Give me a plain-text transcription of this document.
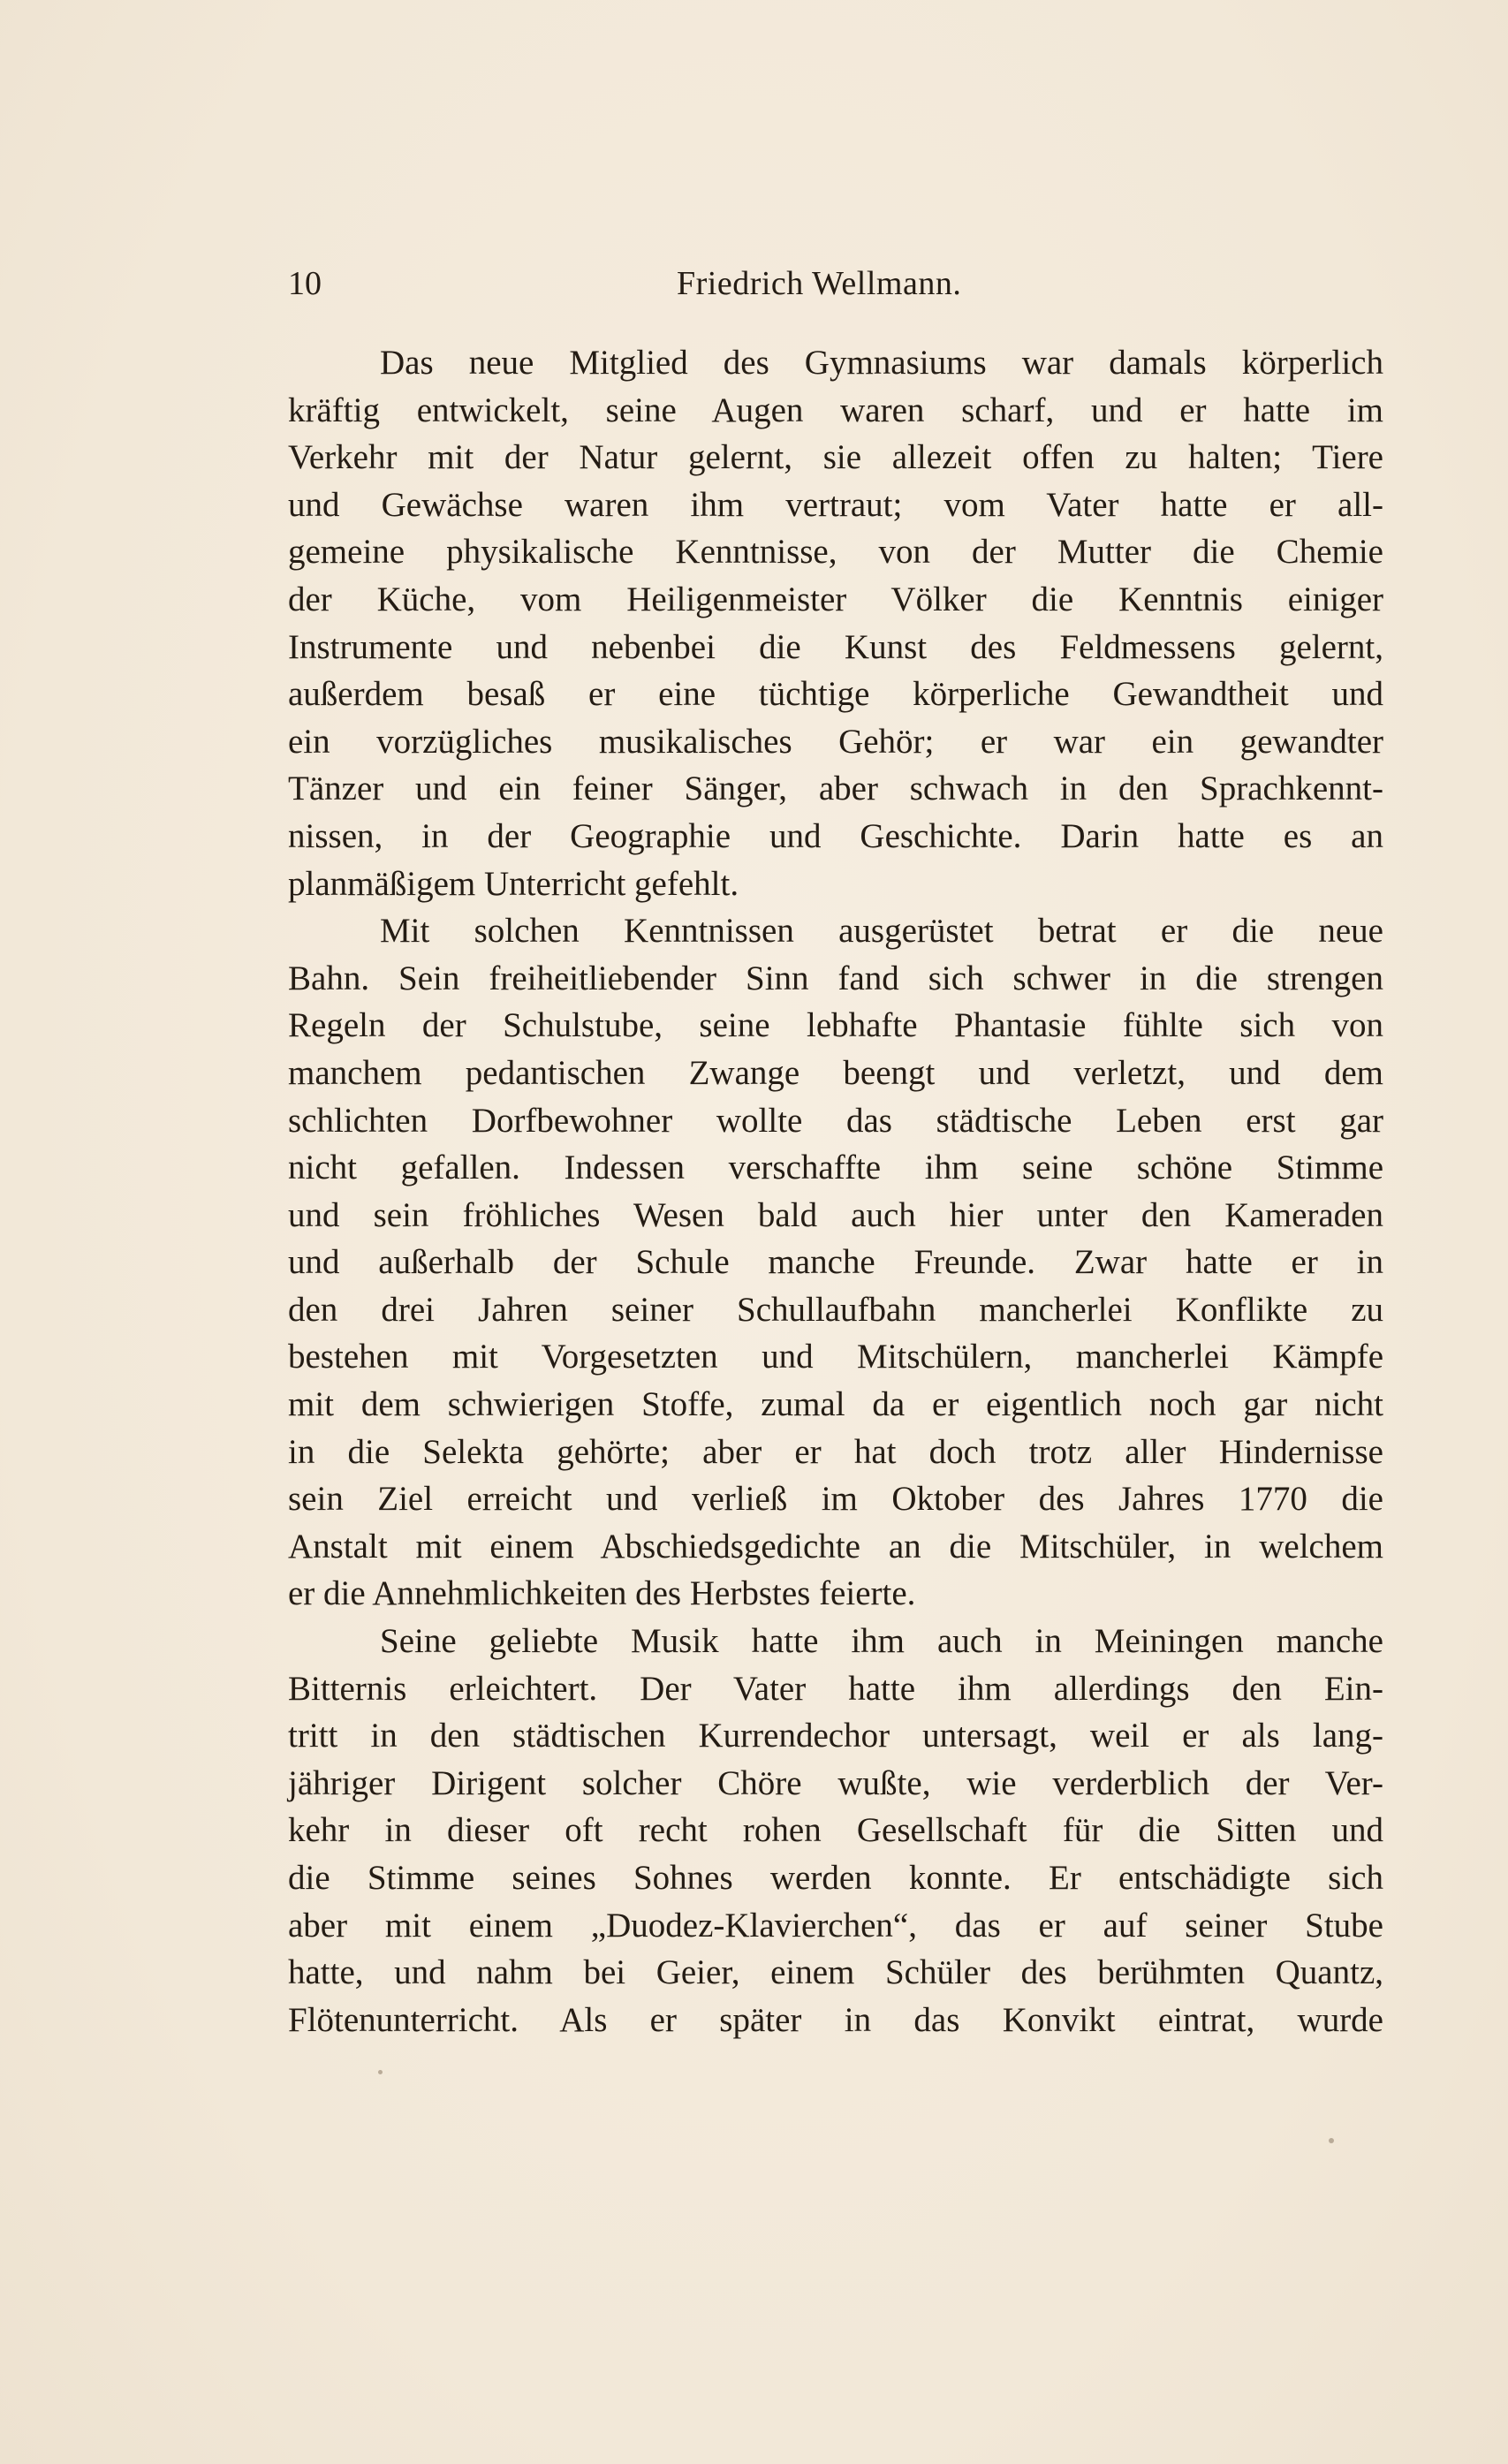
10	Friedrich Wellmann.
Das neue Mitglied des Gymnasiums war damals körperlich
kräftig entwickelt, seine Augen waren scharf, und er hatte im
Verkehr mit der Natur gelernt, sie allezeit offen zu halten; Tiere
und Gewächse waren ihm vertraut; vom Vater hatte er all-
gemeine physikalische Kenntnisse, von der Mutter die Chemie
der Küche, vom Heiligenmeister Völker die Kenntnis einiger
Instrumente und nebenbei die Kunst des Feldmessens gelernt,
außerdem besaß er eine tüchtige körperliche Gewandtheit und
ein vorzügliches musikalisches Gehör; er war ein gewandter
Tänzer und ein feiner Sänger, aber schwach in den Sprachkennt-
nissen, in der Geographie und Geschichte. Darin hatte es an
planmäßigem Unterricht gefehlt.
Mit solchen Kenntnissen ausgerüstet betrat er die neue
Bahn. Sein freiheitliebender Sinn fand sich schwer in die strengen
Regeln der Schulstube, seine lebhafte Phantasie fühlte sich von
manchem pedantischen Zwange beengt und verletzt, und dem
schlichten Dorfbewohner wollte das städtische Leben erst gar
nicht gefallen. Indessen verschaffte ihm seine schöne Stimme
und sein fröhliches Wesen bald auch hier unter den Kameraden
und außerhalb der Schule manche Freunde. Zwar hatte er in
den drei Jahren seiner Schullaufbahn mancherlei Konflikte zu
bestehen mit Vorgesetzten und Mitschülern, mancherlei Kämpfe
mit dem schwierigen Stoffe, zumal da er eigentlich noch gar nicht
in die Selekta gehörte; aber er hat doch trotz aller Hindernisse
sein Ziel erreicht und verließ im Oktober des Jahres 1770 die
Anstalt mit einem Abschiedsgedichte an die Mitschüler, in welchem
er die Annehmlichkeiten des Herbstes feierte.
Seine geliebte Musik hatte ihm auch in Meiningen manche
Bitternis erleichtert. Der Vater hatte ihm allerdings den Ein-
tritt in den städtischen Kurrendechor untersagt, weil er als lang-
jähriger Dirigent solcher Chöre wußte, wie verderblich der Ver-
kehr in dieser oft recht rohen Gesellschaft für die Sitten und
die Stimme seines Sohnes werden konnte. Er entschädigte sich
aber mit einem „Duodez-Klavierchen“, das er auf seiner Stube
hatte, und nahm bei Geier, einem Schüler des berühmten Quantz,
Flötenunterricht. Als er später in das Konvikt eintrat, wurde
